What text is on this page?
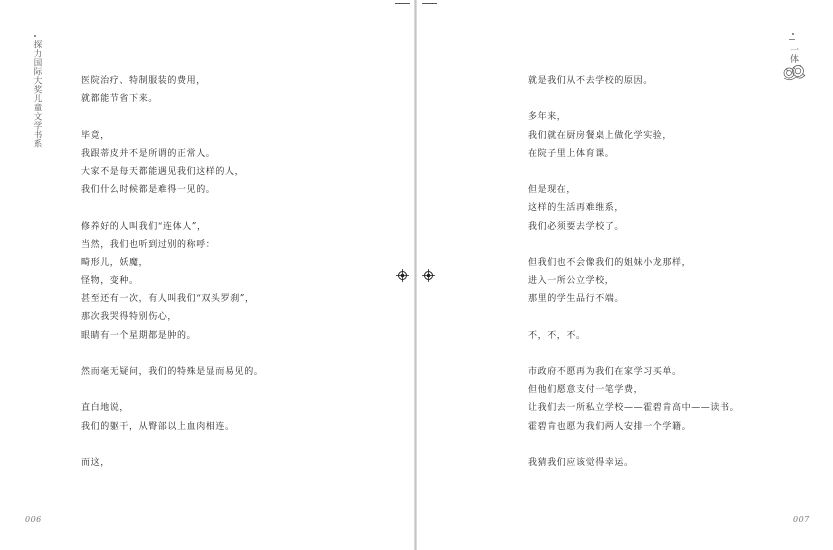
探力国际大奖儿童文学书系	医院治疗、特制服装的费用，
就都能节省下来。
毕竟，
我跟蒂皮并不是所谓的正常人。
大家不是每天都能遇见我们这样的人，
我们什么时候都是难得一见的。
修养好的人叫我们“连体人”，
当然，我们也听到过别的称呼：
畸形儿，妖魔，
怪物，变种。
甚至还有一次，有人叫我们“双头罗刹”，
那次我哭得特别伤心，
眼睛有一个星期都是肿的。
然而毫无疑问，我们的特殊是显而易见的。
直白地说，
我们的躯干，从臀部以上血肉相连。
而这，
006
一体
就是我们从不去学校的原因。
多年来，
我们就在厨房餐桌上做化学实验，
在院子里上体育课。
但是现在，
这样的生活再难维系，
我们必须要去学校了。
但我们也不会像我们的姐妹小龙那样，
进入一所公立学校，
那里的学生品行不端。
不，不，不。
市政府不愿再为我们在家学习买单。
但他们愿意支付一笔学费，
让我们去一所私立学校——霍碧肯高中——读书。
霍碧肯也愿为我们两人安排一个学籍。
我猜我们应该觉得幸运。
007
